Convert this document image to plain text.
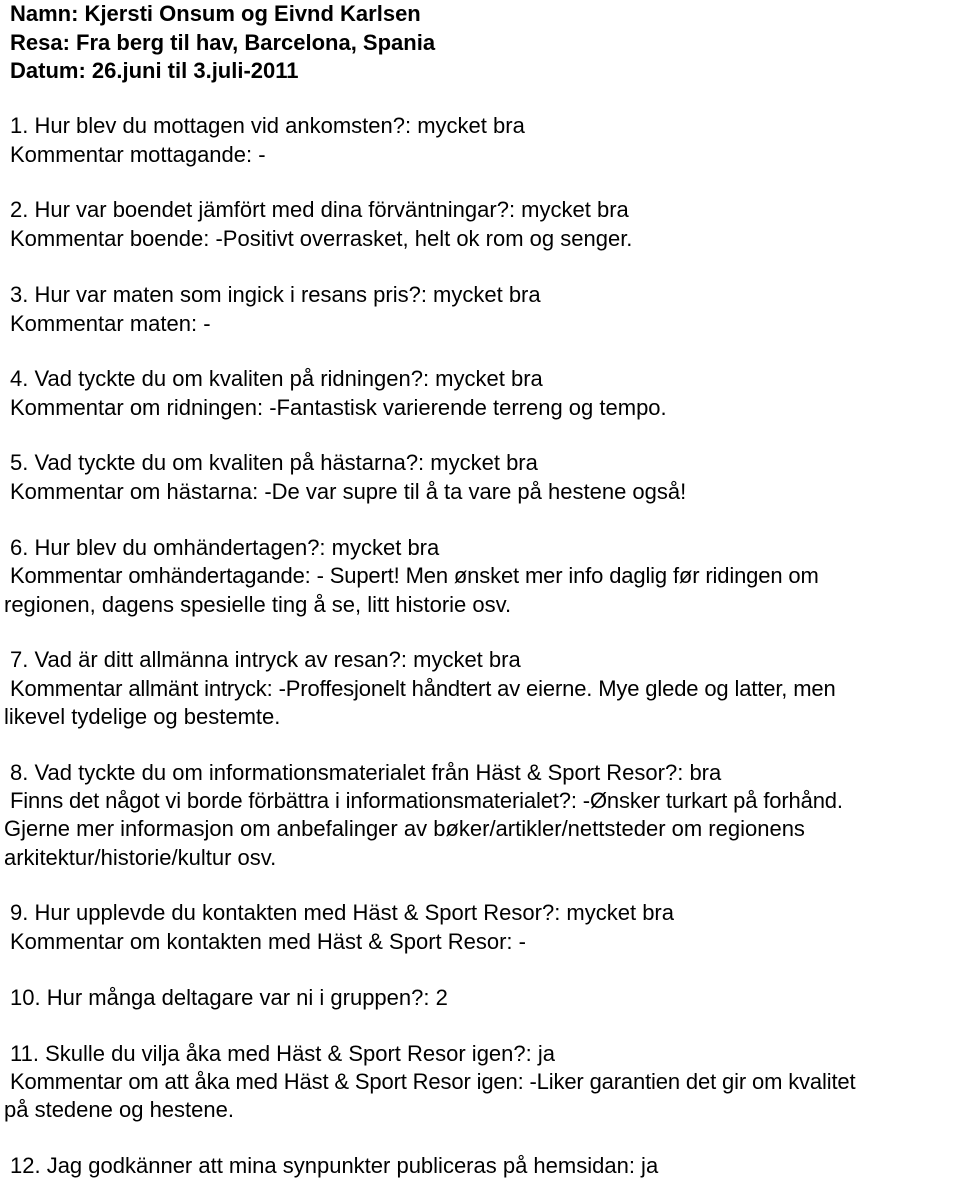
Namn: Kjersti Onsum og Eivnd Karlsen
Resa: Fra berg til hav, Barcelona, Spania
Datum: 26.juni til 3.juli-2011
1. Hur blev du mottagen vid ankomsten?: mycket bra
Kommentar mottagande: -
2. Hur var boendet jämfört med dina förväntningar?: mycket bra
Kommentar boende: -Positivt overrasket, helt ok rom og senger.
3. Hur var maten som ingick i resans pris?: mycket bra
Kommentar maten: -
4. Vad tyckte du om kvaliten på ridningen?: mycket bra
Kommentar om ridningen: -Fantastisk varierende terreng og tempo.
5. Vad tyckte du om kvaliten på hästarna?: mycket bra
Kommentar om hästarna: -De var supre til å ta vare på hestene også!
6. Hur blev du omhändertagen?: mycket bra
Kommentar omhändertagande: - Supert! Men ønsket mer info daglig før ridingen om
regionen, dagens spesielle ting å se, litt historie osv.
7. Vad är ditt allmänna intryck av resan?: mycket bra
Kommentar allmänt intryck: -Proffesjonelt håndtert av eierne. Mye glede og latter, men
likevel tydelige og bestemte.
8. Vad tyckte du om informationsmaterialet från Häst & Sport Resor?: bra
Finns det något vi borde förbättra i informationsmaterialet?: -Ønsker turkart på forhånd.
Gjerne mer informasjon om anbefalinger av bøker/artikler/nettsteder om regionens
arkitektur/historie/kultur osv.
9. Hur upplevde du kontakten med Häst & Sport Resor?: mycket bra
Kommentar om kontakten med Häst & Sport Resor: -
10. Hur många deltagare var ni i gruppen?: 2
11. Skulle du vilja åka med Häst & Sport Resor igen?: ja
Kommentar om att åka med Häst & Sport Resor igen: -Liker garantien det gir om kvalitet
på stedene og hestene.
12. Jag godkänner att mina synpunkter publiceras på hemsidan: ja
